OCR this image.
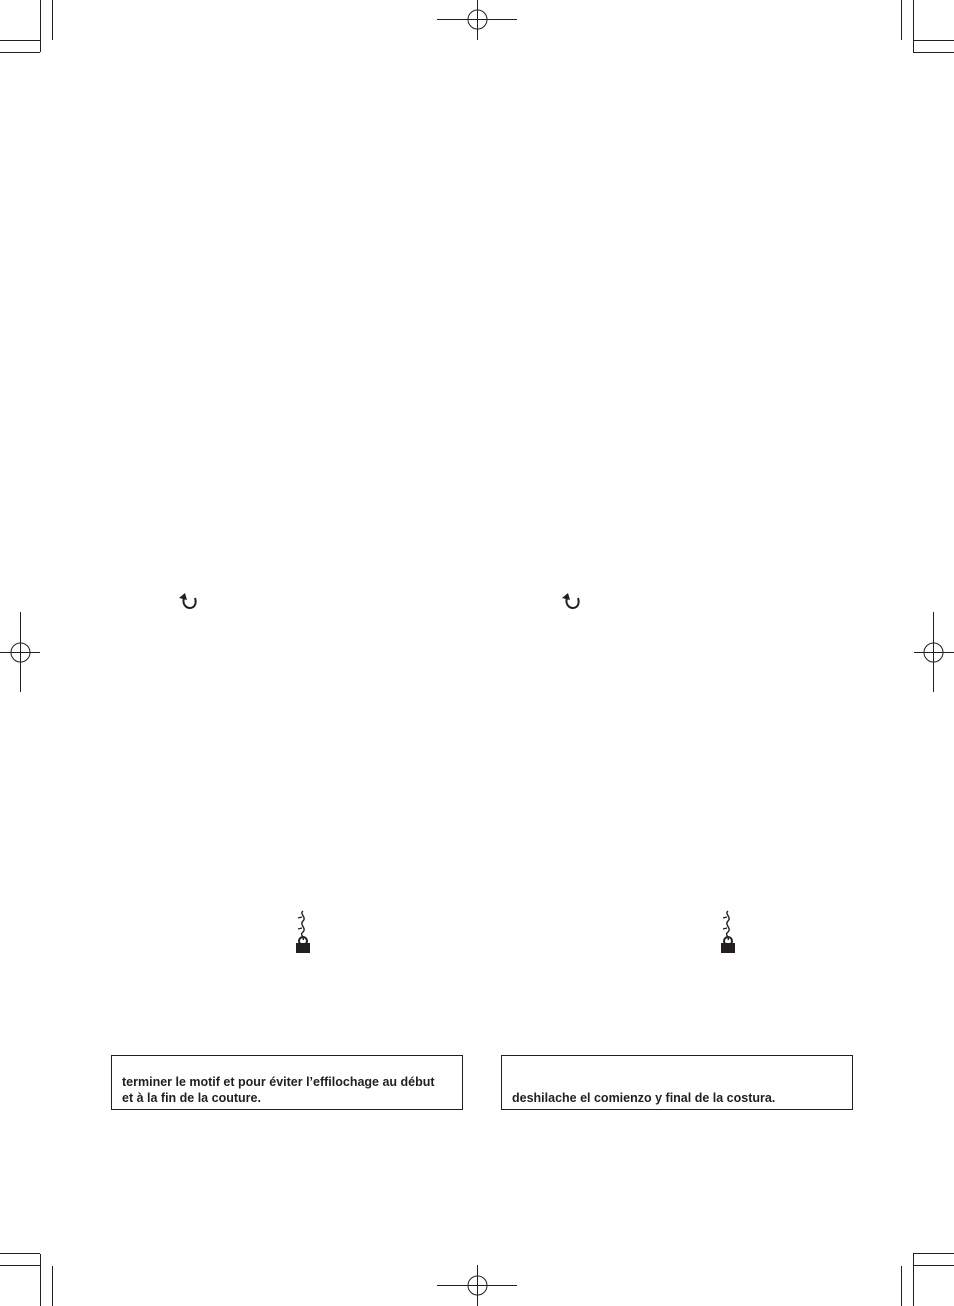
terminer le motif et pour éviter l’effilochage au début
et à la fin de la couture.	deshilache el comienzo y final de la costura.
